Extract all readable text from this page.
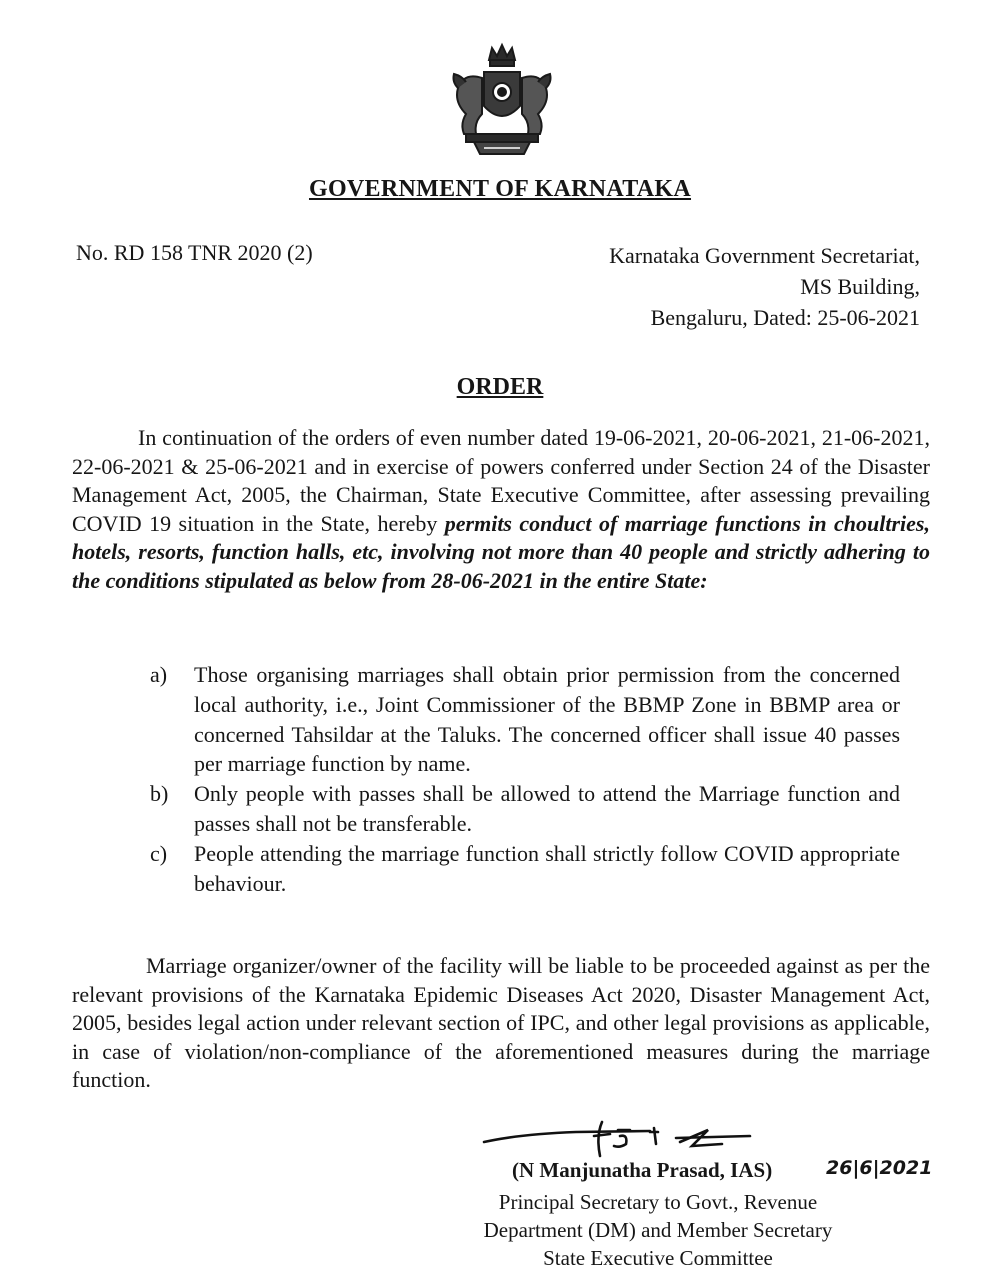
GOVERNMENT OF KARNATAKA
No. RD 158 TNR 2020 (2)	Karnataka Government Secretariat,
MS Building,
Bengaluru, Dated: 25-06-2021
ORDER

In continuation of the orders of even number dated 19-06-2021, 20-06-2021, 21-06-2021, 22-06-2021 & 25-06-2021 and in exercise of powers conferred under Section 24 of the Disaster Management Act, 2005, the Chairman, State Executive Committee, after assessing prevailing COVID 19 situation in the State, hereby permits conduct of marriage functions in choultries, hotels, resorts, function halls, etc, involving not more than 40 people and strictly adhering to the conditions stipulated as below from 28-06-2021 in the entire State:

a)	Those organising marriages shall obtain prior permission from the concerned local authority, i.e., Joint Commissioner of the BBMP Zone in BBMP area or concerned Tahsildar at the Taluks. The concerned officer shall issue 40 passes per marriage function by name.
b)	Only people with passes shall be allowed to attend the Marriage function and passes shall not be transferable.
c)	People attending the marriage function shall strictly follow COVID appropriate behaviour.

Marriage organizer/owner of the facility will be liable to be proceeded against as per the relevant provisions of the Karnataka Epidemic Diseases Act 2020, Disaster Management Act, 2005, besides legal action under relevant section of IPC, and other legal provisions as applicable, in case of violation/non-compliance of the aforementioned measures during the marriage function.

(N Manjunatha Prasad, IAS)	26|6|2021
Principal Secretary to Govt., Revenue
Department (DM) and Member Secretary
State Executive Committee
